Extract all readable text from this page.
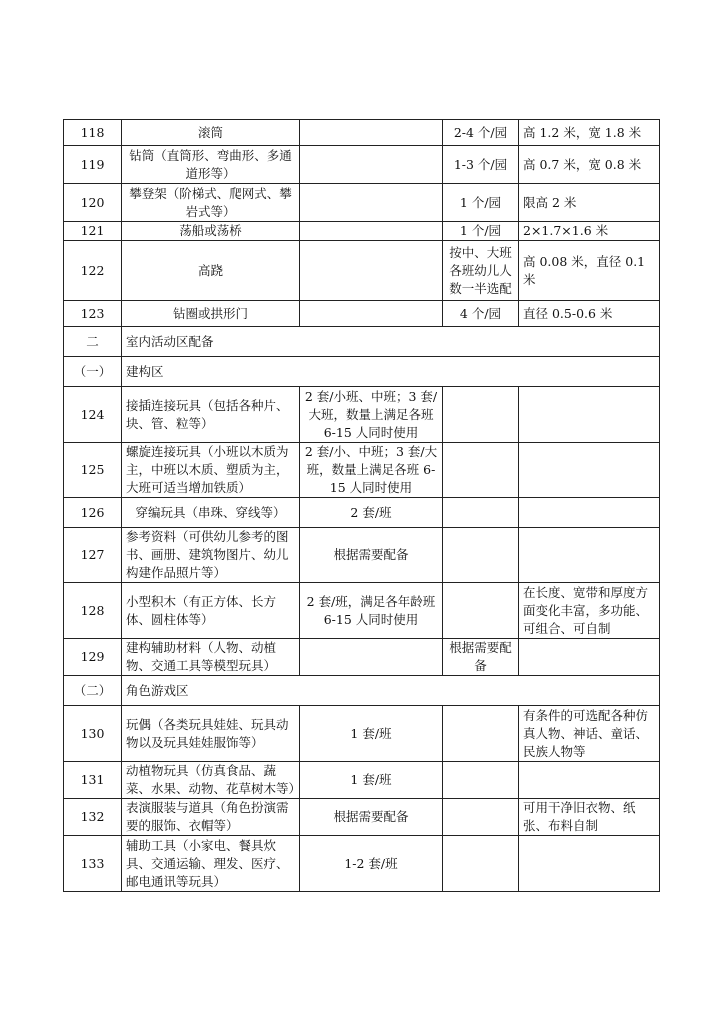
118	滚筒		2-4 个/园	高 1.2 米，宽 1.8 米
119	钻筒（直筒形、弯曲形、多通道形等）		1-3 个/园	高 0.7 米，宽 0.8 米
120	攀登架（阶梯式、爬网式、攀岩式等）		1 个/园	限高 2 米
121	荡船或荡桥		1 个/园	2×1.7×1.6 米
122	高跷		按中、大班各班幼儿人数一半选配	高 0.08 米，直径 0.1 米
123	钻圈或拱形门		4 个/园	直径 0.5-0.6 米
二	室内活动区配备			
（一）	建构区			
124	接插连接玩具（包括各种片、块、管、粒等）	2 套/小班、中班；3 套/大班，数量上满足各班 6-15 人同时使用		
125	螺旋连接玩具（小班以木质为主，中班以木质、塑质为主，大班可适当增加铁质）	2 套/小、中班；3 套/大班，数量上满足各班 6-15 人同时使用		
126	穿编玩具（串珠、穿线等）	2 套/班		
127	参考资料（可供幼儿参考的图书、画册、建筑物图片、幼儿构建作品照片等）	根据需要配备		
128	小型积木（有正方体、长方体、圆柱体等）	2 套/班，满足各年龄班 6-15 人同时使用		在长度、宽带和厚度方面变化丰富，多功能、可组合、可自制
129	建构辅助材料（人物、动植物、交通工具等模型玩具）		根据需要配备	
（二）	角色游戏区			
130	玩偶（各类玩具娃娃、玩具动物以及玩具娃娃服饰等）	1 套/班		有条件的可选配各种仿真人物、神话、童话、民族人物等
131	动植物玩具（仿真食品、蔬菜、水果、动物、花草树木等）	1 套/班		
132	表演服装与道具（角色扮演需要的服饰、衣帽等）	根据需要配备		可用干净旧衣物、纸张、布料自制
133	辅助工具（小家电、餐具炊具、交通运输、理发、医疗、邮电通讯等玩具）	1-2 套/班		
